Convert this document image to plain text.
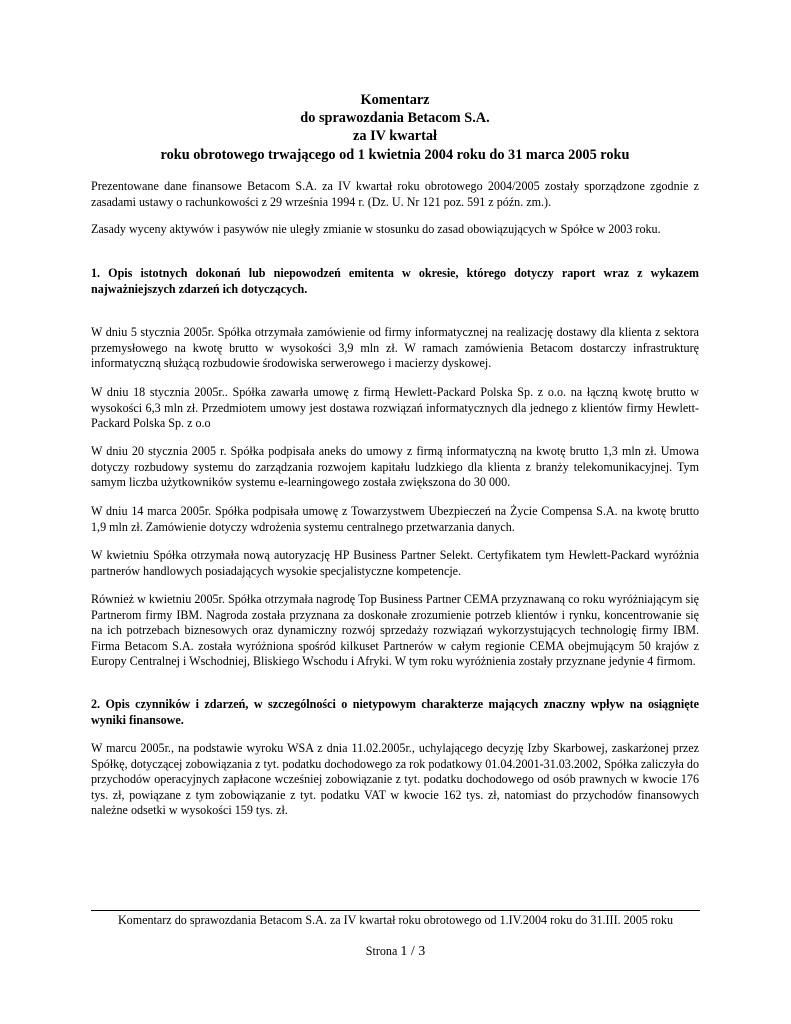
Komentarz
do sprawozdania Betacom S.A.
za IV kwartał
roku obrotowego trwającego od 1 kwietnia 2004 roku do 31 marca 2005 roku

Prezentowane dane finansowe Betacom S.A. za IV kwartał roku obrotowego 2004/2005 zostały sporządzone zgodnie z zasadami ustawy o rachunkowości z 29 września 1994 r. (Dz. U. Nr 121 poz. 591 z późn. zm.).

Zasady wyceny aktywów i pasywów nie uległy zmianie w stosunku do zasad obowiązujących w Spółce w 2003 roku.

1. Opis istotnych dokonań lub niepowodzeń emitenta w okresie, którego dotyczy raport wraz z wykazem najważniejszych zdarzeń ich dotyczących.

W dniu 5 stycznia 2005r. Spółka otrzymała zamówienie od firmy informatycznej na realizację dostawy dla klienta z sektora przemysłowego na kwotę brutto w wysokości 3,9 mln zł. W ramach zamówienia Betacom dostarczy infrastrukturę informatyczną służącą rozbudowie środowiska serwerowego i macierzy dyskowej.

W dniu 18 stycznia 2005r.. Spółka zawarła umowę z firmą Hewlett-Packard Polska Sp. z o.o. na łączną kwotę brutto w wysokości 6,3 mln zł. Przedmiotem umowy jest dostawa rozwiązań informatycznych dla jednego z klientów firmy Hewlett-Packard Polska Sp. z o.o

W dniu 20 stycznia 2005 r. Spółka podpisała aneks do umowy z firmą informatyczną na kwotę brutto 1,3 mln zł. Umowa dotyczy rozbudowy systemu do zarządzania rozwojem kapitału ludzkiego dla klienta z branży telekomunikacyjnej. Tym samym liczba użytkowników systemu e-learningowego została zwiększona do 30 000.

W dniu 14 marca 2005r. Spółka podpisała umowę z Towarzystwem Ubezpieczeń na Życie Compensa S.A. na kwotę brutto 1,9 mln zł. Zamówienie dotyczy wdrożenia systemu centralnego przetwarzania danych.

W kwietniu Spółka otrzymała nową autoryzację HP Business Partner Selekt. Certyfikatem tym Hewlett-Packard wyróżnia partnerów handlowych posiadających wysokie specjalistyczne kompetencje.

Również w kwietniu 2005r. Spółka otrzymała nagrodę Top Business Partner CEMA przyznawaną co roku wyróżniającym się Partnerom firmy IBM. Nagroda została przyznana za doskonałe zrozumienie potrzeb klientów i rynku, koncentrowanie się na ich potrzebach biznesowych oraz dynamiczny rozwój sprzedaży rozwiązań wykorzystujących technologię firmy IBM. Firma Betacom S.A. została wyróżniona spośród kilkuset Partnerów w całym regionie CEMA obejmującym 50 krajów z Europy Centralnej i Wschodniej, Bliskiego Wschodu i Afryki. W tym roku wyróżnienia zostały przyznane jedynie 4 firmom.

2. Opis czynników i zdarzeń, w szczególności o nietypowym charakterze mających znaczny wpływ na osiągnięte wyniki finansowe.

W marcu 2005r., na podstawie wyroku WSA z dnia 11.02.2005r., uchylającego decyzję Izby Skarbowej, zaskarżonej przez Spółkę, dotyczącej zobowiązania z tyt. podatku dochodowego za rok podatkowy 01.04.2001-31.03.2002, Spółka zaliczyła do przychodów operacyjnych zapłacone wcześniej zobowiązanie z tyt. podatku dochodowego od osób prawnych w kwocie 176 tys. zł, powiązane z tym zobowiązanie z tyt. podatku VAT w kwocie 162 tys. zł, natomiast do przychodów finansowych należne odsetki w wysokości 159 tys. zł.

Komentarz do sprawozdania Betacom S.A. za IV kwartał roku obrotowego od 1.IV.2004 roku do 31.III. 2005 roku
Strona 1 / 3
